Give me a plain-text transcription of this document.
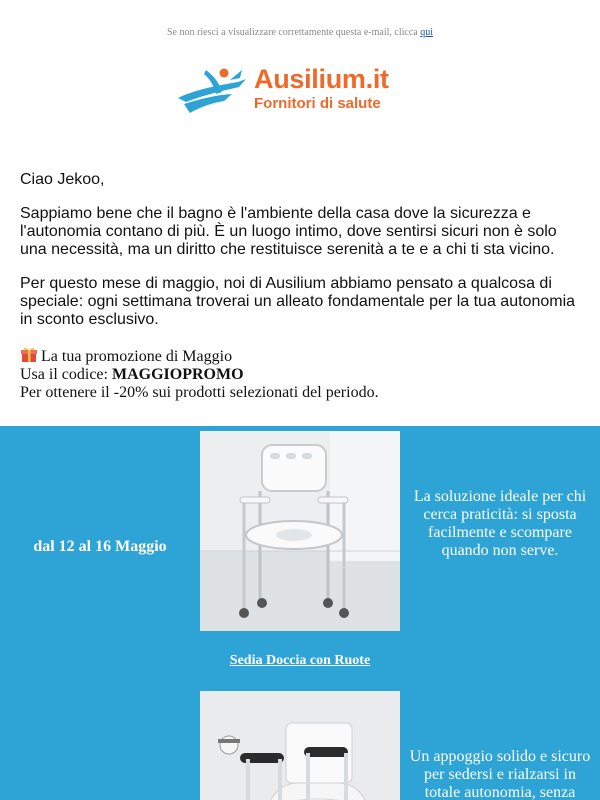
Se non riesci a visualizzare correttamente questa e-mail, clicca qui
Ausilium.it
Fornitori di salute
Ciao Jekoo,
Sappiamo bene che il bagno è l'ambiente della casa dove la sicurezza e l'autonomia contano di più. È un luogo intimo, dove sentirsi sicuri non è solo una necessità, ma un diritto che restituisce serenità a te e a chi ti sta vicino.
Per questo mese di maggio, noi di Ausilium abbiamo pensato a qualcosa di speciale: ogni settimana troverai un alleato fondamentale per la tua autonomia in sconto esclusivo.
La tua promozione di Maggio
Usa il codice: MAGGIOPROMO
Per ottenere il -20% sui prodotti selezionati del periodo.
dal 12 al 16 Maggio
La soluzione ideale per chi cerca praticità: si sposta facilmente e scompare quando non serve.
Sedia Doccia con Ruote
Un appoggio solido e sicuro per sedersi e rialzarsi in totale autonomia, senza
